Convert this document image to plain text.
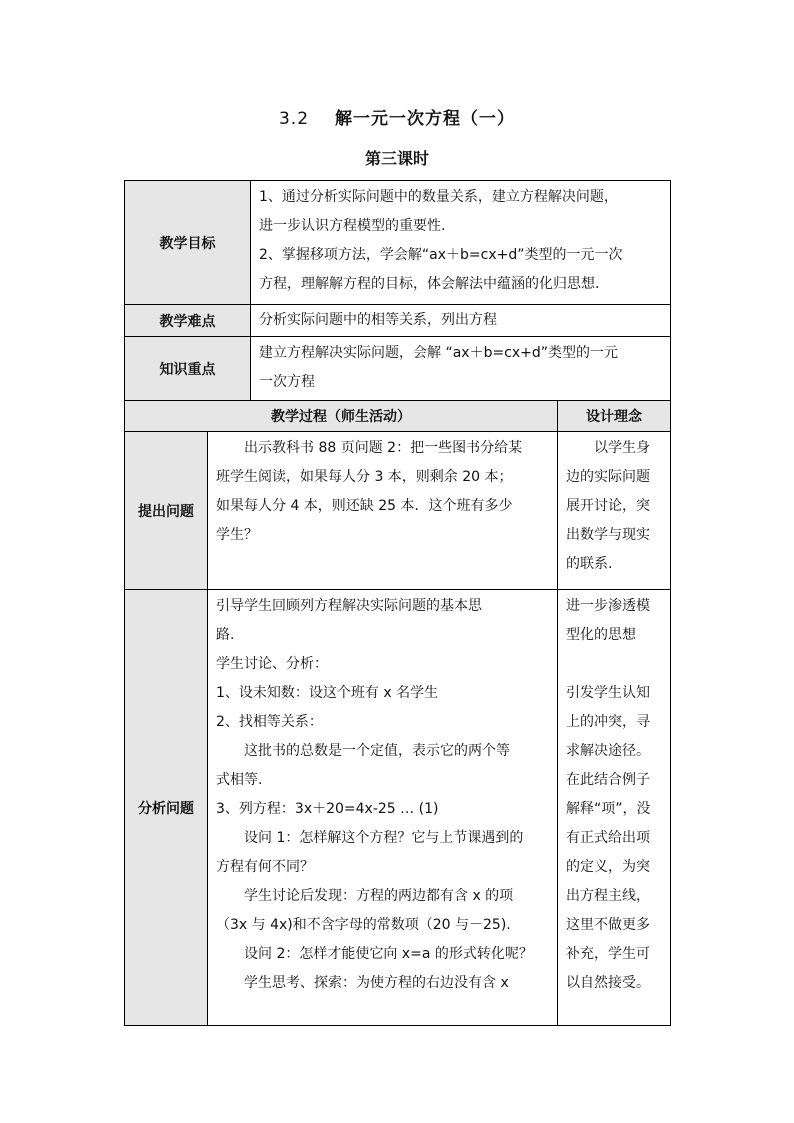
3.2 解一元一次方程（一）
第三课时
教学目标

1、通过分析实际问题中的数量关系，建立方程解决问题，

进一步认识方程模型的重要性.

2、掌握移项方法，学会解“ax＋b=cx+d”类型的一元一次

方程，理解解方程的目标，体会解法中蕴涵的化归思想.

教学难点	分析实际问题中的相等关系，列出方程
知识重点

建立方程解决实际问题，会解 “ax＋b=cx+d”类型的一元

一次方程

教学过程（师生活动）	设计理念
提出问题

出示教科书 88 页问题 2：把一些图书分给某

班学生阅读，如果每人分 3 本，则剩余 20 本；

如果每人分 4 本，则还缺 25 本．这个班有多少

学生？

以学生身

边的实际问题

展开讨论，突

出数学与现实

的联系.

分析问题

引导学生回顾列方程解决实际问题的基本思

路.

学生讨论、分析：

1、设未知数：设这个班有 x 名学生

2、找相等关系：

这批书的总数是一个定值，表示它的两个等

式相等.

3、列方程：3x＋20=4x-25 … (1)

设问 1：怎样解这个方程？它与上节课遇到的

方程有何不同？

学生讨论后发现：方程的两边都有含 x 的项

（3x 与 4x)和不含字母的常数项（20 与－25).

设问 2：怎样才能使它向 x=a 的形式转化呢？

学生思考、探索：为使方程的右边没有含 x

进一步渗透模

型化的思想

引发学生认知

上的冲突，寻

求解决途径。

在此结合例子

解释“项”，没

有正式给出项

的定义，为突

出方程主线，

这里不做更多

补充，学生可

以自然接受。
